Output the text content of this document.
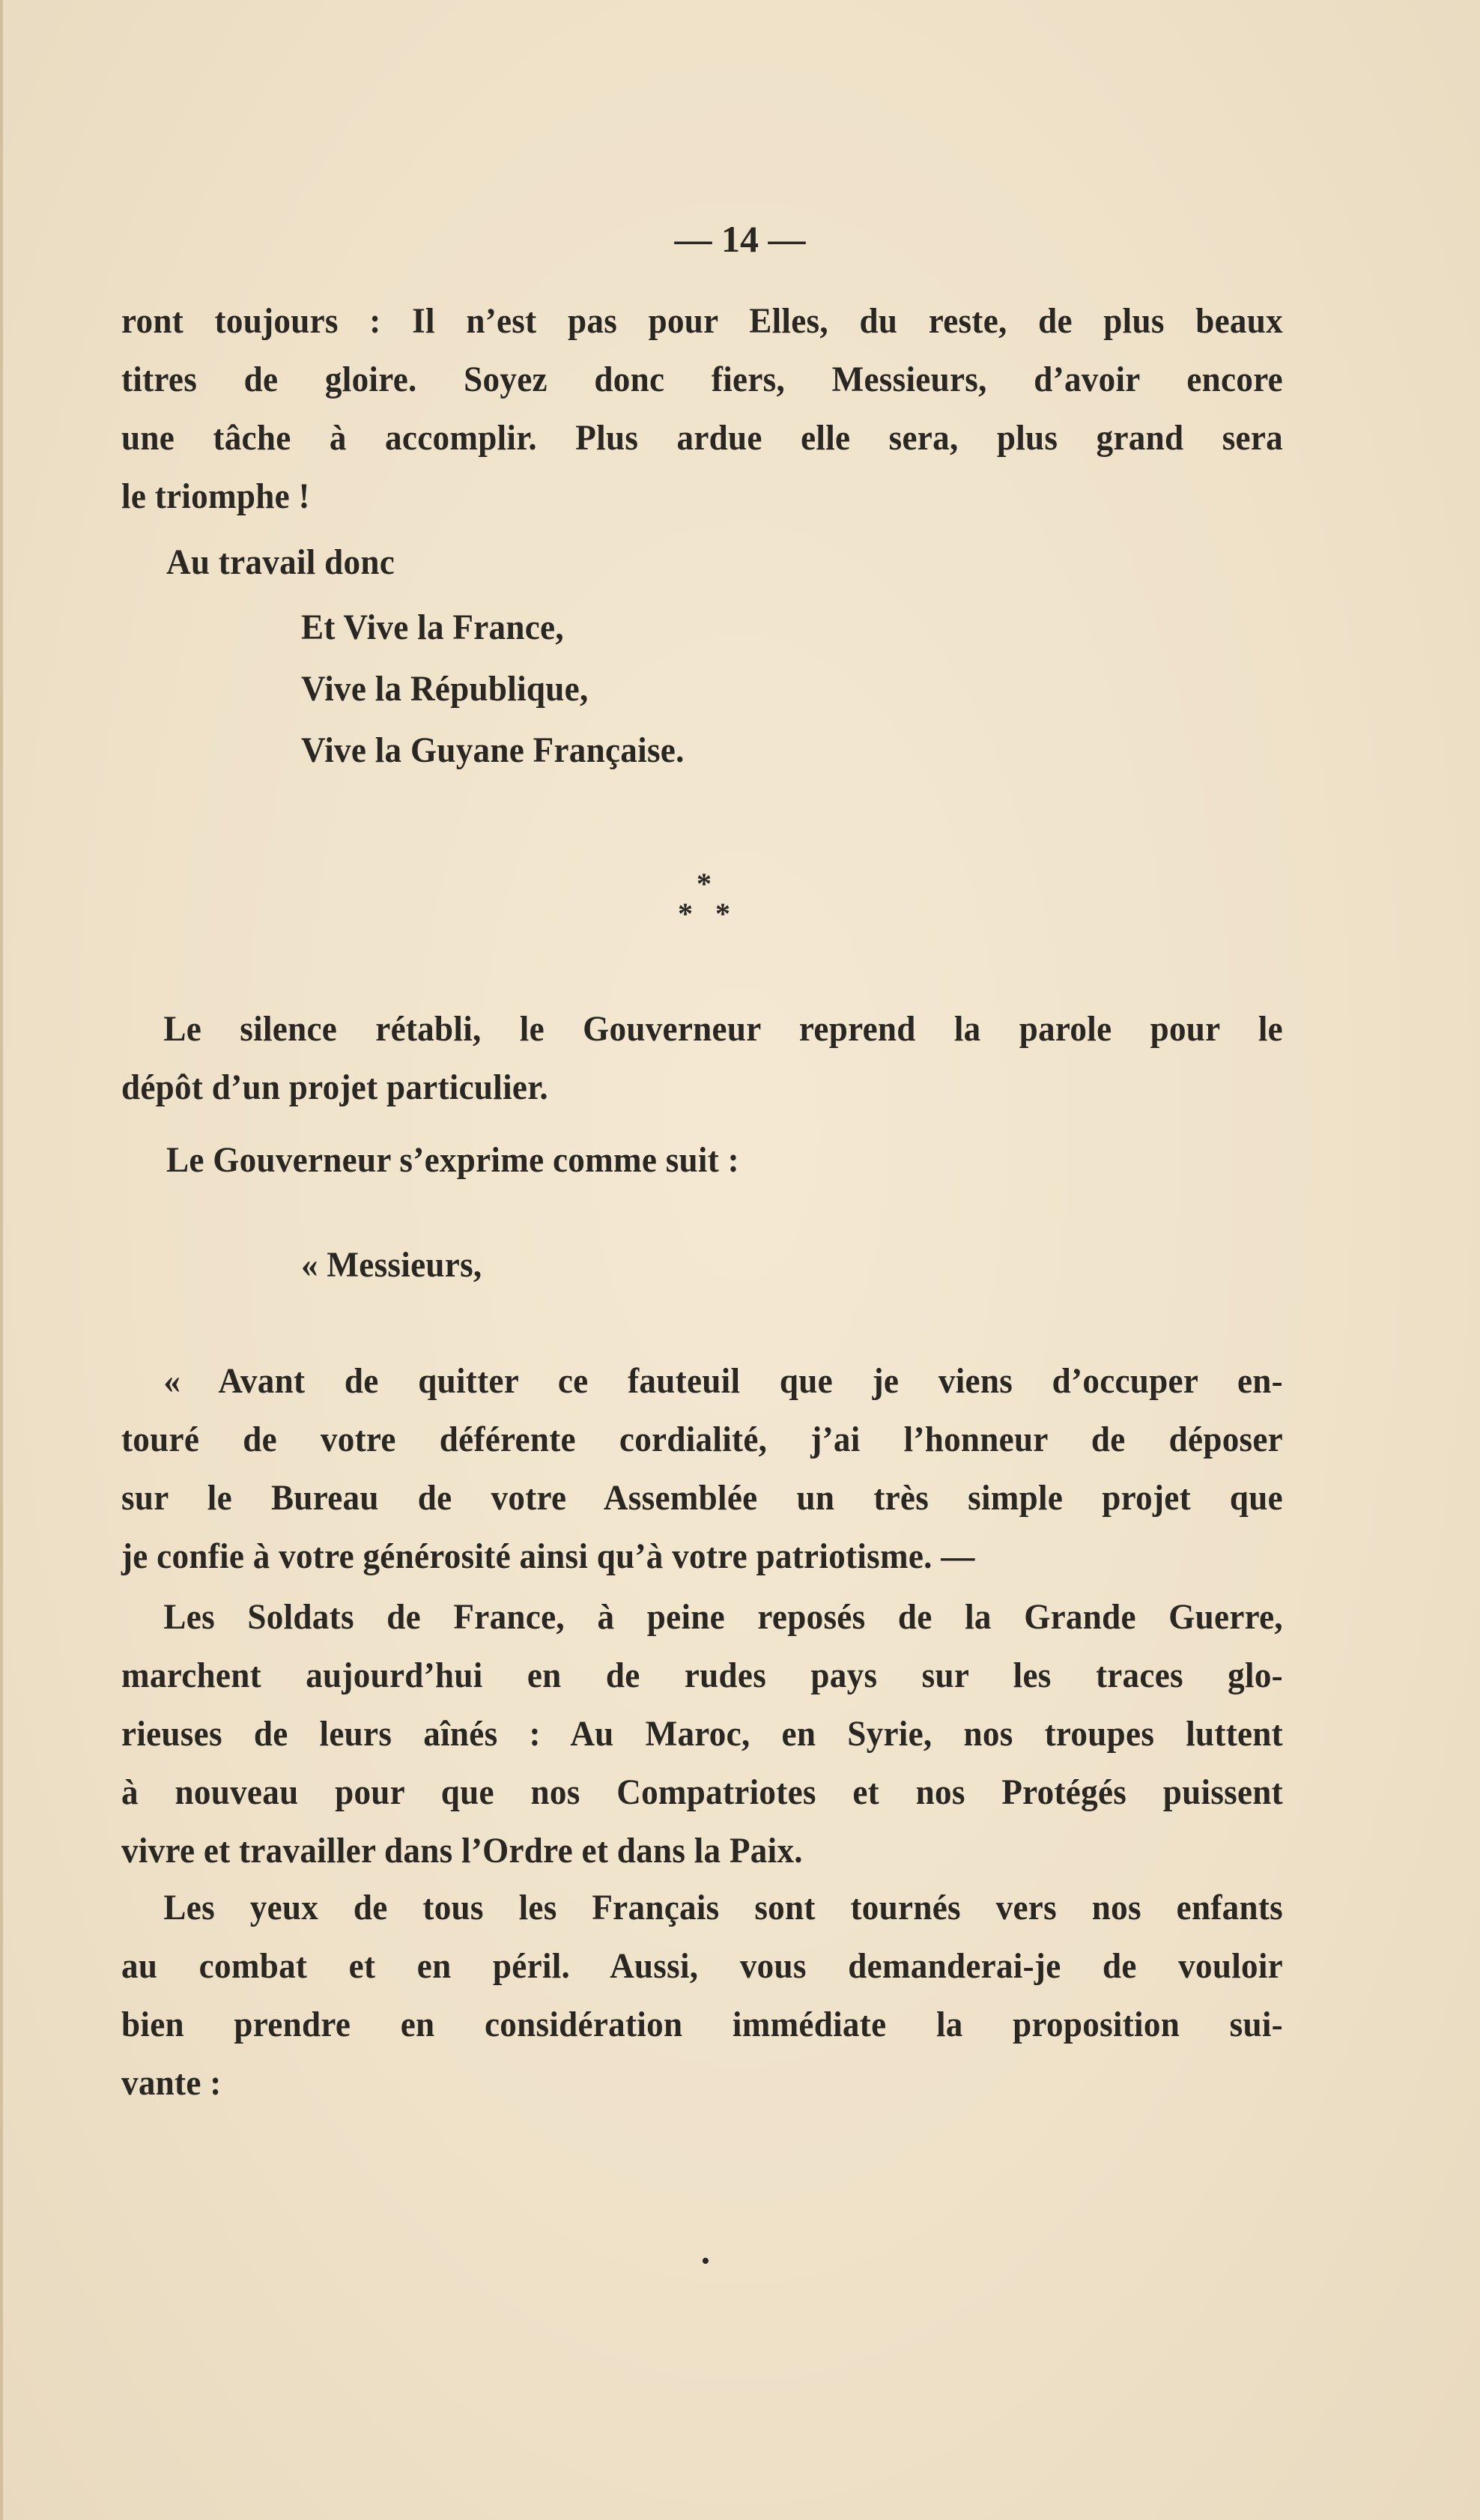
— 14 —
ront toujours : Il n’est pas pour Elles, du reste, de plus beaux
titres de gloire. Soyez donc fiers, Messieurs, d’avoir encore
une tâche à accomplir. Plus ardue elle sera, plus grand sera
le triomphe !
Au travail donc
Et Vive la France,
Vive la République,
Vive la Guyane Française.
*
*   *
Le silence rétabli, le Gouverneur reprend la parole pour le
dépôt d’un projet particulier.
Le Gouverneur s’exprime comme suit :
« Messieurs,
« Avant de quitter ce fauteuil que je viens d’occuper en-
touré de votre déférente cordialité, j’ai l’honneur de déposer
sur le Bureau de votre Assemblée un très simple projet que
je confie à votre générosité ainsi qu’à votre patriotisme. —
Les Soldats de France, à peine reposés de la Grande Guerre,
marchent aujourd’hui en de rudes pays sur les traces glo-
rieuses de leurs aînés : Au Maroc, en Syrie, nos troupes luttent
à nouveau pour que nos Compatriotes et nos Protégés puissent
vivre et travailler dans l’Ordre et dans la Paix.
Les yeux de tous les Français sont tournés vers nos enfants
au combat et en péril. Aussi, vous demanderai-je de vouloir
bien prendre en considération immédiate la proposition sui-
vante :
•
